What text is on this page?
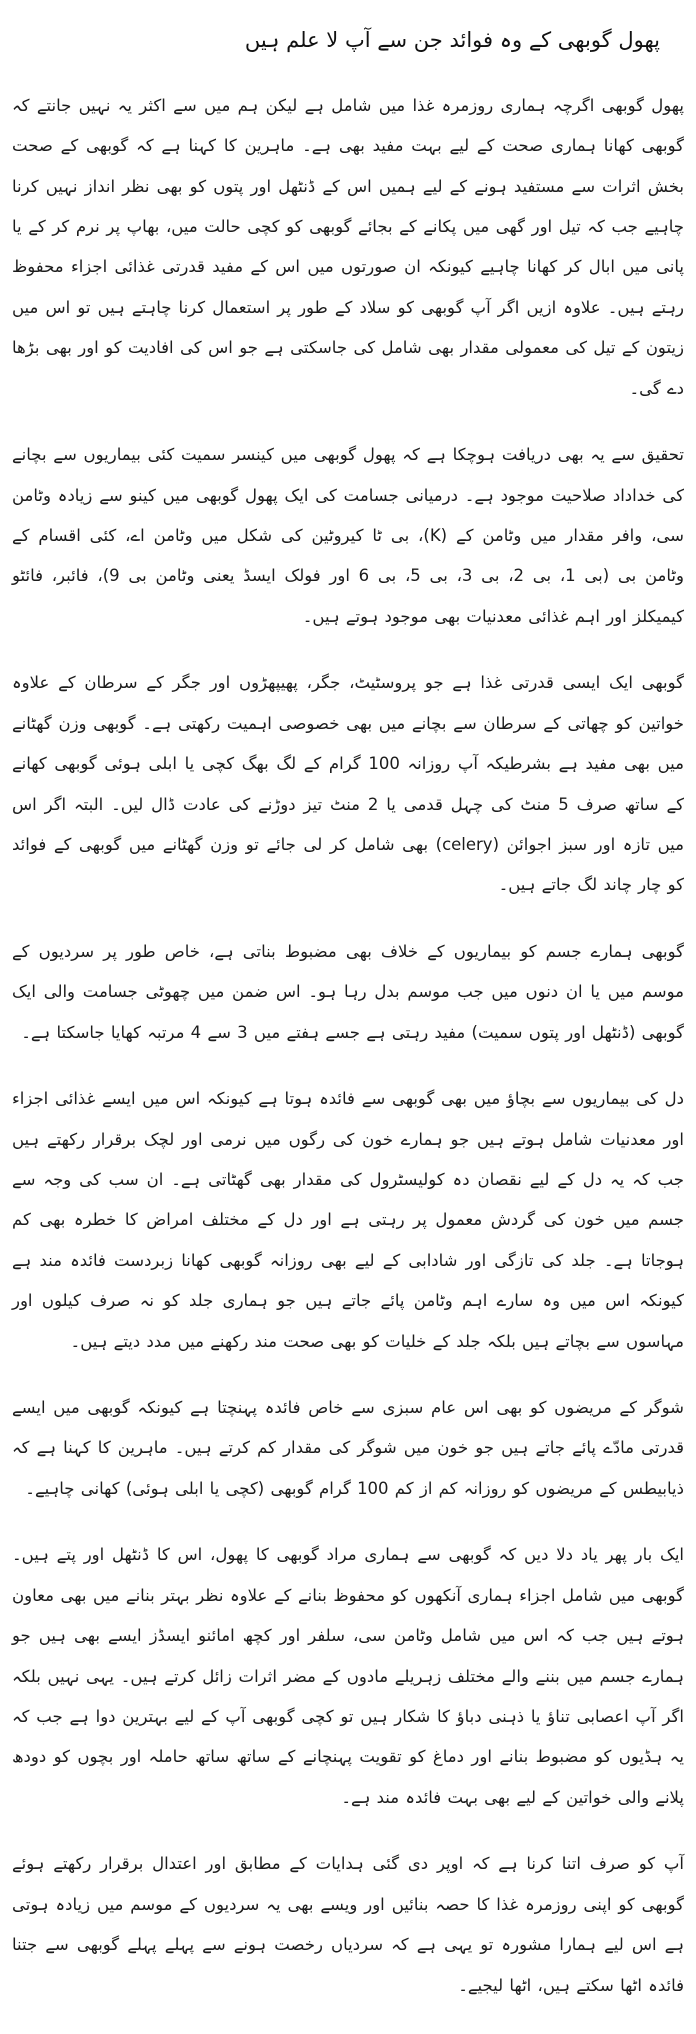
پھول گوبھی کے وہ فوائد جن سے آپ لا علم ہیں

پھول گوبھی اگرچہ ہماری روزمرہ غذا میں شامل ہے لیکن ہم میں سے اکثر یہ نہیں جانتے کہ گوبھی کھانا ہماری صحت کے لیے بہت مفید بھی ہے۔ ماہرین کا کہنا ہے کہ گوبھی کے صحت بخش اثرات سے مستفید ہونے کے لیے ہمیں اس کے ڈنٹھل اور پتوں کو بھی نظر انداز نہیں کرنا چاہیے جب کہ تیل اور گھی میں پکانے کے بجائے گوبھی کو کچی حالت میں، بھاپ پر نرم کر کے یا پانی میں ابال کر کھانا چاہیے کیونکہ ان صورتوں میں اس کے مفید قدرتی غذائی اجزاء محفوظ رہتے ہیں۔ علاوہ ازیں اگر آپ گوبھی کو سلاد کے طور پر استعمال کرنا چاہتے ہیں تو اس میں زیتون کے تیل کی معمولی مقدار بھی شامل کی جاسکتی ہے جو اس کی افادیت کو اور بھی بڑھا دے گی۔

تحقیق سے یہ بھی دریافت ہوچکا ہے کہ پھول گوبھی میں کینسر سمیت کئی بیماریوں سے بچانے کی خداداد صلاحیت موجود ہے۔ درمیانی جسامت کی ایک پھول گوبھی میں کینو سے زیادہ وٹامن سی، وافر مقدار میں وٹامن کے (K)، بی ٹا کیروٹین کی شکل میں وٹامن اے، کئی اقسام کے وٹامن بی (بی 1، بی 2، بی 3، بی 5، بی 6 اور فولک ایسڈ یعنی وٹامن بی 9)، فائبر، فائٹو کیمیکلز اور اہم غذائی معدنیات بھی موجود ہوتے ہیں۔

گوبھی ایک ایسی قدرتی غذا ہے جو پروسٹیٹ، جگر، پھیپھڑوں اور جگر کے سرطان کے علاوہ خواتین کو چھاتی کے سرطان سے بچانے میں بھی خصوصی اہمیت رکھتی ہے۔ گوبھی وزن گھٹانے میں بھی مفید ہے بشرطیکہ آپ روزانہ 100 گرام کے لگ بھگ کچی یا ابلی ہوئی گوبھی کھانے کے ساتھ صرف 5 منٹ کی چہل قدمی یا 2 منٹ تیز دوڑنے کی عادت ڈال لیں۔ البتہ اگر اس میں تازہ اور سبز اجوائن (celery) بھی شامل کر لی جائے تو وزن گھٹانے میں گوبھی کے فوائد کو چار چاند لگ جاتے ہیں۔

گوبھی ہمارے جسم کو بیماریوں کے خلاف بھی مضبوط بناتی ہے، خاص طور پر سردیوں کے موسم میں یا ان دنوں میں جب موسم بدل رہا ہو۔ اس ضمن میں چھوٹی جسامت والی ایک گوبھی (ڈنٹھل اور پتوں سمیت) مفید رہتی ہے جسے ہفتے میں 3 سے 4 مرتبہ کھایا جاسکتا ہے۔

دل کی بیماریوں سے بچاؤ میں بھی گوبھی سے فائدہ ہوتا ہے کیونکہ اس میں ایسے غذائی اجزاء اور معدنیات شامل ہوتے ہیں جو ہمارے خون کی رگوں میں نرمی اور لچک برقرار رکھتے ہیں جب کہ یہ دل کے لیے نقصان دہ کولیسٹرول کی مقدار بھی گھٹاتی ہے۔ ان سب کی وجہ سے جسم میں خون کی گردش معمول پر رہتی ہے اور دل کے مختلف امراض کا خطرہ بھی کم ہوجاتا ہے۔ جلد کی تازگی اور شادابی کے لیے بھی روزانہ گوبھی کھانا زبردست فائدہ مند ہے کیونکہ اس میں وہ سارے اہم وٹامن پائے جاتے ہیں جو ہماری جلد کو نہ صرف کیلوں اور مہاسوں سے بچاتے ہیں بلکہ جلد کے خلیات کو بھی صحت مند رکھنے میں مدد دیتے ہیں۔

شوگر کے مریضوں کو بھی اس عام سبزی سے خاص فائدہ پہنچتا ہے کیونکہ گوبھی میں ایسے قدرتی مادّے پائے جاتے ہیں جو خون میں شوگر کی مقدار کم کرتے ہیں۔ ماہرین کا کہنا ہے کہ ذیابیطس کے مریضوں کو روزانہ کم از کم 100 گرام گوبھی (کچی یا ابلی ہوئی) کھانی چاہیے۔

ایک بار پھر یاد دلا دیں کہ گوبھی سے ہماری مراد گوبھی کا پھول، اس کا ڈنٹھل اور پتے ہیں۔ گوبھی میں شامل اجزاء ہماری آنکھوں کو محفوظ بنانے کے علاوہ نظر بہتر بنانے میں بھی معاون ہوتے ہیں جب کہ اس میں شامل وٹامن سی، سلفر اور کچھ امائنو ایسڈز ایسے بھی ہیں جو ہمارے جسم میں بننے والے مختلف زہریلے مادوں کے مضر اثرات زائل کرتے ہیں۔ یہی نہیں بلکہ اگر آپ اعصابی تناؤ یا ذہنی دباؤ کا شکار ہیں تو کچی گوبھی آپ کے لیے بہترین دوا ہے جب کہ یہ ہڈیوں کو مضبوط بنانے اور دماغ کو تقویت پہنچانے کے ساتھ ساتھ حاملہ اور بچوں کو دودھ پلانے والی خواتین کے لیے بھی بہت فائدہ مند ہے۔

آپ کو صرف اتنا کرنا ہے کہ اوپر دی گئی ہدایات کے مطابق اور اعتدال برقرار رکھتے ہوئے گوبھی کو اپنی روزمرہ غذا کا حصہ بنائیں اور ویسے بھی یہ سردیوں کے موسم میں زیادہ ہوتی ہے اس لیے ہمارا مشورہ تو یہی ہے کہ سردیاں رخصت ہونے سے پہلے پہلے گوبھی سے جتنا فائدہ اٹھا سکتے ہیں، اٹھا لیجیے۔
